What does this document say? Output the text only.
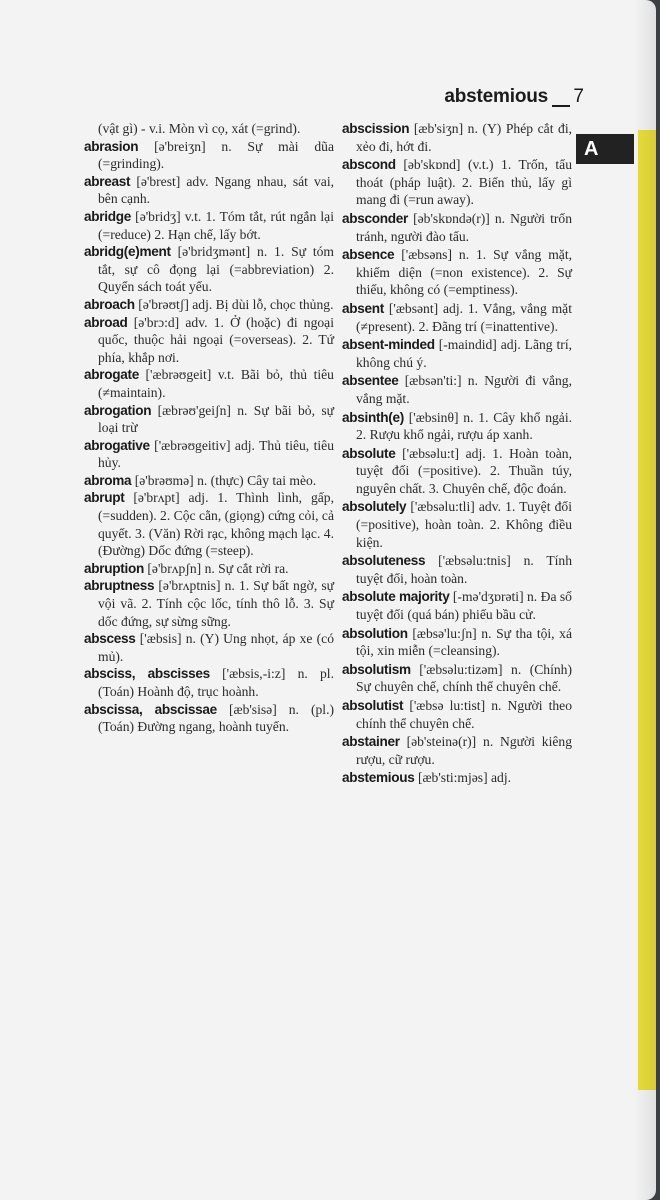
abstemious 7
A

(vật gì) - v.i. Mòn vì cọ, xát (=grind).

abrasion [ə'breiʒn] n. Sự mài dũa (=grinding).

abreast [ə'brest] adv. Ngang nhau, sát vai, bên cạnh.

abridge [ə'bridʒ] v.t. 1. Tóm tắt, rút ngắn lại (=reduce) 2. Hạn chế, lấy bớt.

abridg(e)ment [ə'bridʒmənt] n. 1. Sự tóm tắt, sự cô đọng lại (=abbreviation) 2. Quyển sách toát yếu.

abroach [ə'brəʊtʃ] adj. Bị dùi lỗ, chọc thủng.

abroad [ə'brɔ:d] adv. 1. Ở (hoặc) đi ngoại quốc, thuộc hải ngoại (=overseas). 2. Tứ phía, khắp nơi.

abrogate ['æbrəʊgeit] v.t. Bãi bỏ, thủ tiêu (≠maintain).

abrogation [æbrəʊ'geiʃn] n. Sự bãi bỏ, sự loại trừ

abrogative ['æbrəʊgeitiv] adj. Thủ tiêu, tiêu hủy.

abroma [ə'brəʊmə] n. (thực) Cây tai mèo.

abrupt [ə'brʌpt] adj. 1. Thình lình, gấp, (=sudden). 2. Cộc cằn, (giọng) cứng cỏi, cả quyết. 3. (Văn) Rời rạc, không mạch lạc. 4. (Đường) Dốc đứng (=steep).

abruption [ə'brʌpʃn] n. Sự cắt rời ra.

abruptness [ə'brʌptnis] n. 1. Sự bất ngờ, sự vội vã. 2. Tính cộc lốc, tính thô lỗ. 3. Sự dốc đứng, sự sừng sững.

abscess ['æbsis] n. (Y) Ung nhọt, áp xe (có mủ).

absciss, abscisses ['æbsis,-i:z] n. pl. (Toán) Hoành độ, trục hoành.

abscissa, abscissae [æb'sisə] n. (pl.) (Toán) Đường ngang, hoành tuyến.

abscission [æb'siʒn] n. (Y) Phép cắt đi, xẻo đi, hớt đi.

abscond [əb'skɒnd] (v.t.) 1. Trốn, tẩu thoát (pháp luật). 2. Biến thủ, lấy gì mang đi (=run away).

absconder [əb'skɒndə(r)] n. Người trốn tránh, người đào tẩu.

absence ['æbsəns] n. 1. Sự vắng mặt, khiếm diện (=non existence). 2. Sự thiếu, không có (=emptiness).

absent ['æbsənt] adj. 1. Vắng, vắng mặt (≠present). 2. Đãng trí (=inattentive).

absent-minded [-maindid] adj. Lãng trí, không chú ý.

absentee [æbsən'ti:] n. Người đi vắng, vắng mặt.

absinth(e) ['æbsinθ] n. 1. Cây khổ ngải. 2. Rượu khổ ngải, rượu áp xanh.

absolute ['æbsəlu:t] adj. 1. Hoàn toàn, tuyệt đối (=positive). 2. Thuần túy, nguyên chất. 3. Chuyên chế, độc đoán.

absolutely ['æbsəlu:tli] adv. 1. Tuyệt đối (=positive), hoàn toàn. 2. Không điều kiện.

absoluteness ['æbsəlu:tnis] n. Tính tuyệt đối, hoàn toàn.

absolute majority [-mə'dʒɒrəti] n. Đa số tuyệt đối (quá bán) phiếu bầu cử.

absolution [æbsə'lu:ʃn] n. Sự tha tội, xá tội, xin miễn (=cleansing).

absolutism ['æbsəlu:tizəm] n. (Chính) Sự chuyên chế, chính thể chuyên chế.

absolutist ['æbsə lu:tist] n. Người theo chính thể chuyên chế.

abstainer [əb'steinə(r)] n. Người kiêng rượu, cữ rượu.

abstemious [æb'sti:mjəs] adj.
